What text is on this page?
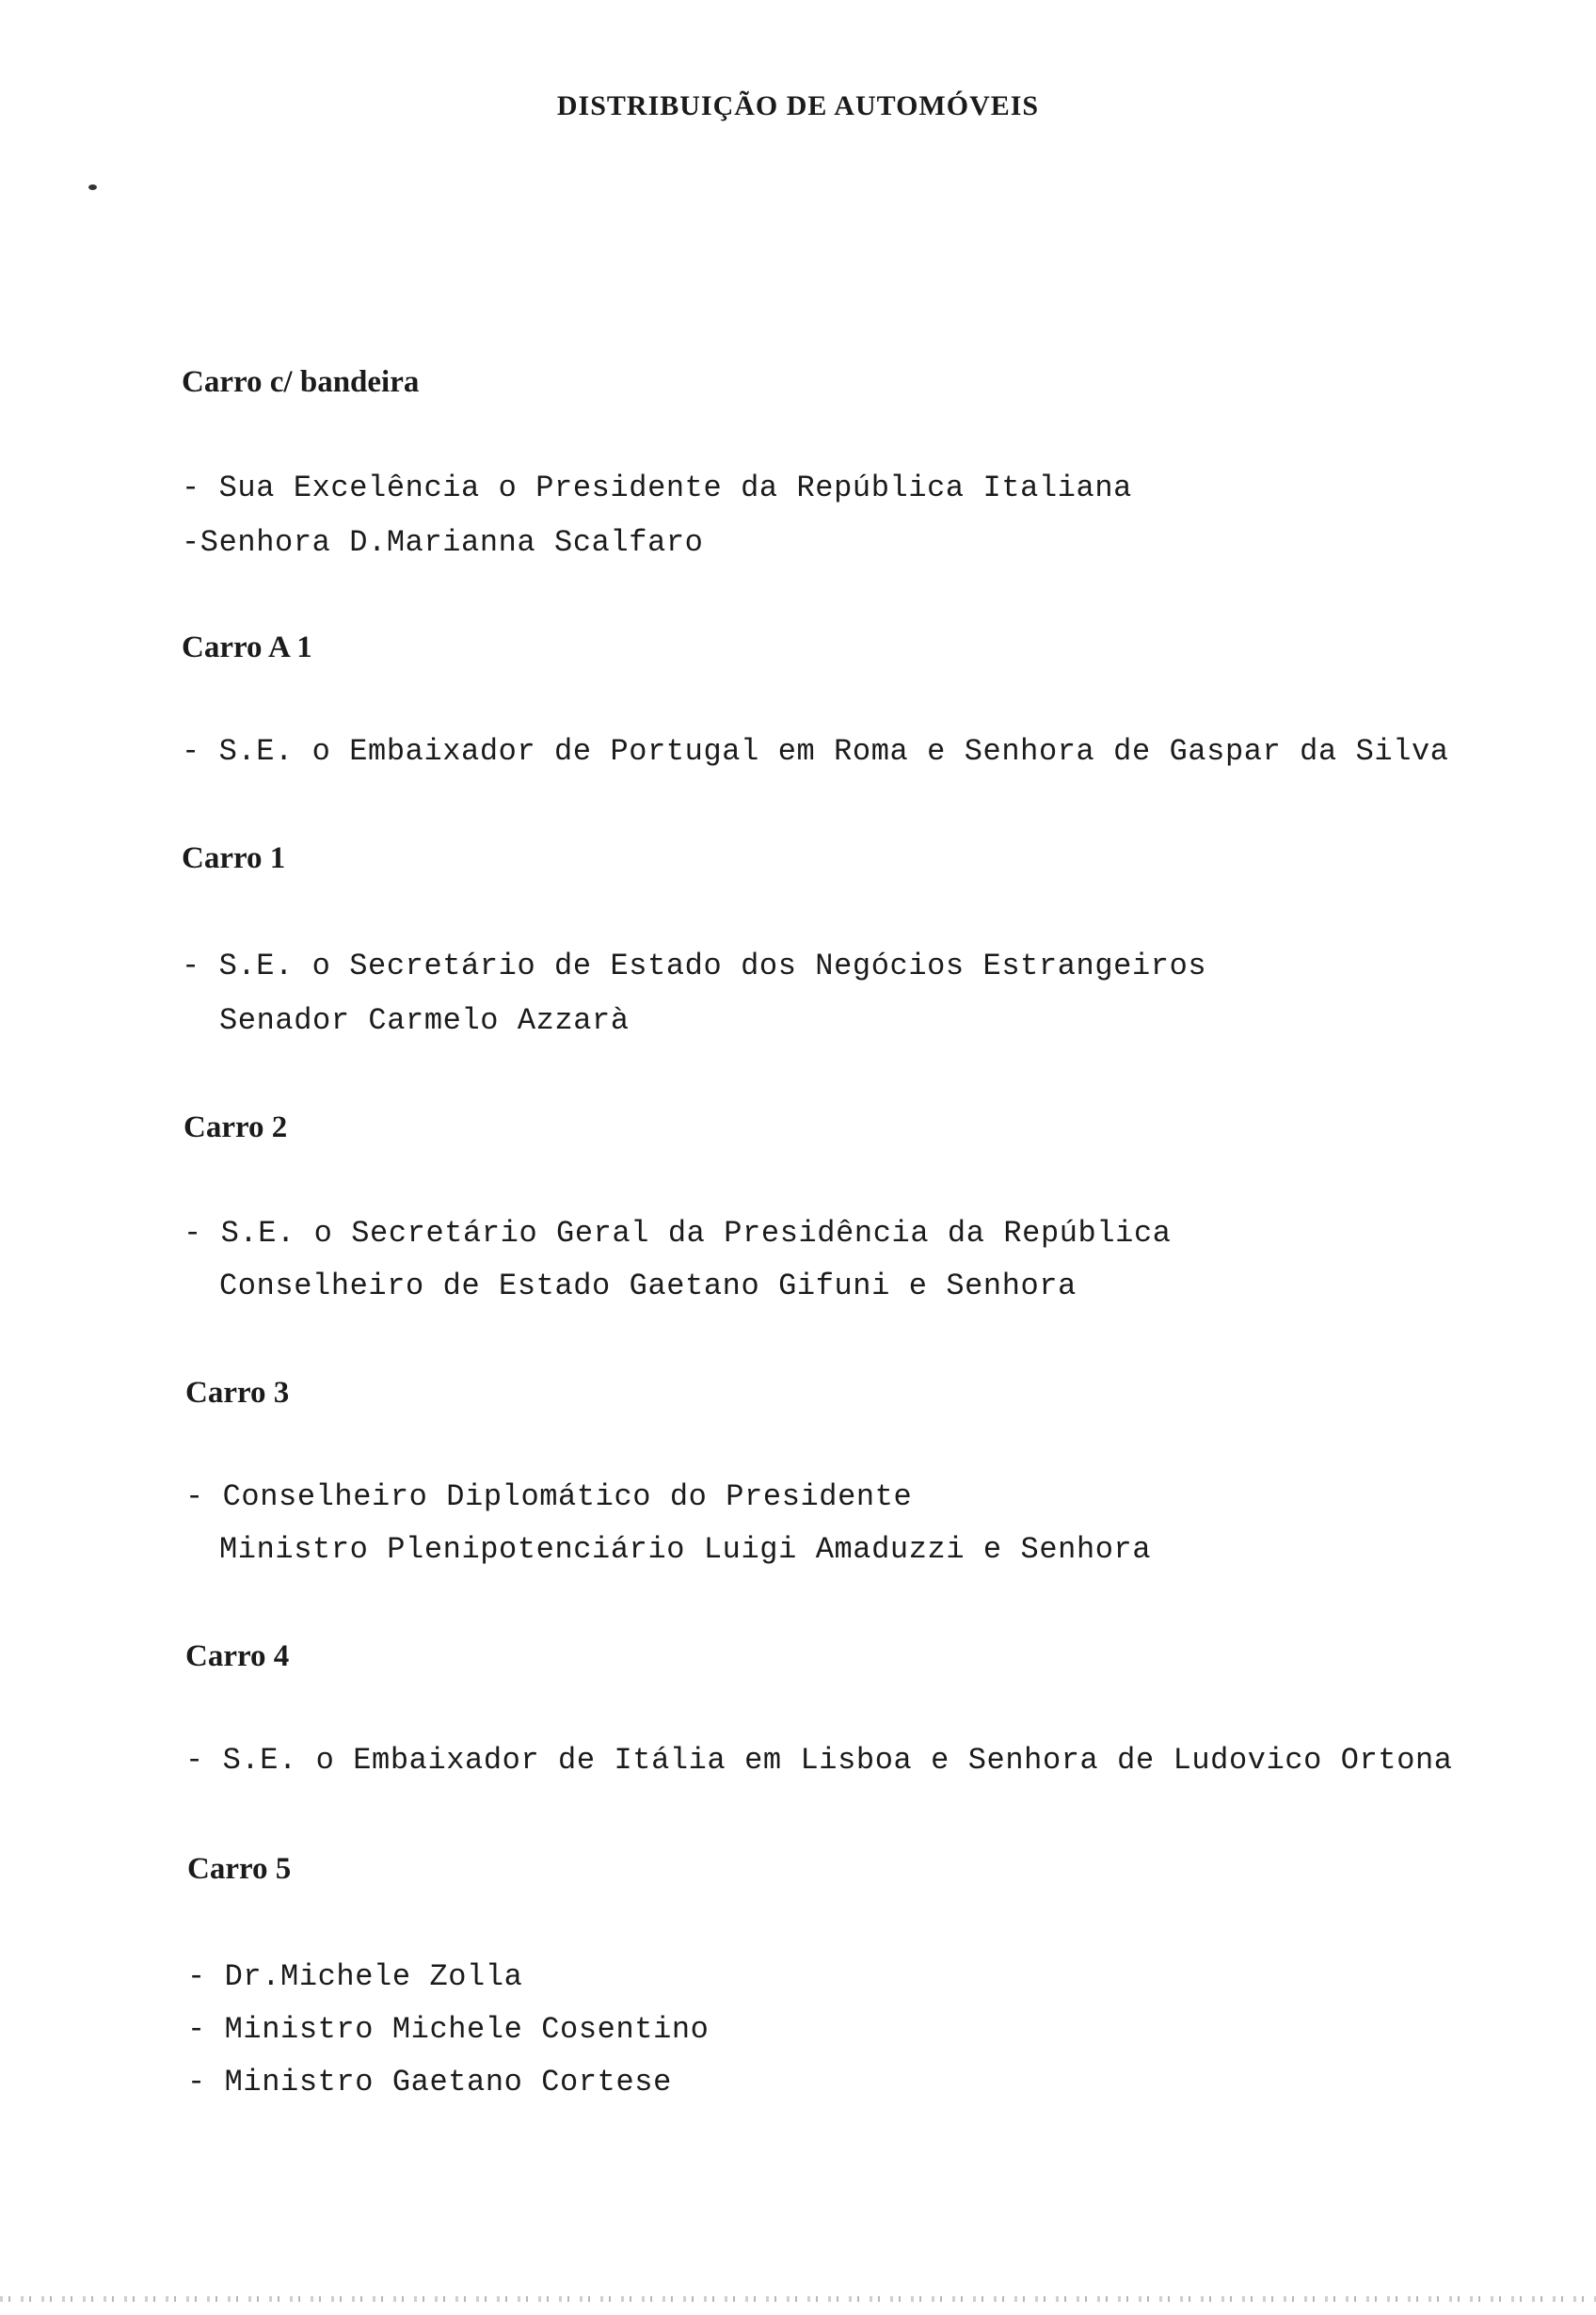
DISTRIBUIÇÃO DE AUTOMÓVEIS
Carro c/ bandeira
- Sua Excelência o Presidente da República Italiana
-Senhora D.Marianna Scalfaro
Carro A 1
- S.E. o Embaixador de Portugal em Roma e Senhora de Gaspar da Silva
Carro 1
- S.E. o Secretário de Estado dos Negócios Estrangeiros
Senador Carmelo Azzarà
Carro 2
- S.E. o Secretário Geral da Presidência da República
Conselheiro de Estado Gaetano Gifuni e Senhora
Carro 3
- Conselheiro Diplomático do Presidente
Ministro Plenipotenciário Luigi Amaduzzi e Senhora
Carro 4
- S.E. o Embaixador de Itália em Lisboa e Senhora de Ludovico Ortona
Carro 5
- Dr.Michele Zolla
- Ministro Michele Cosentino
- Ministro Gaetano Cortese
